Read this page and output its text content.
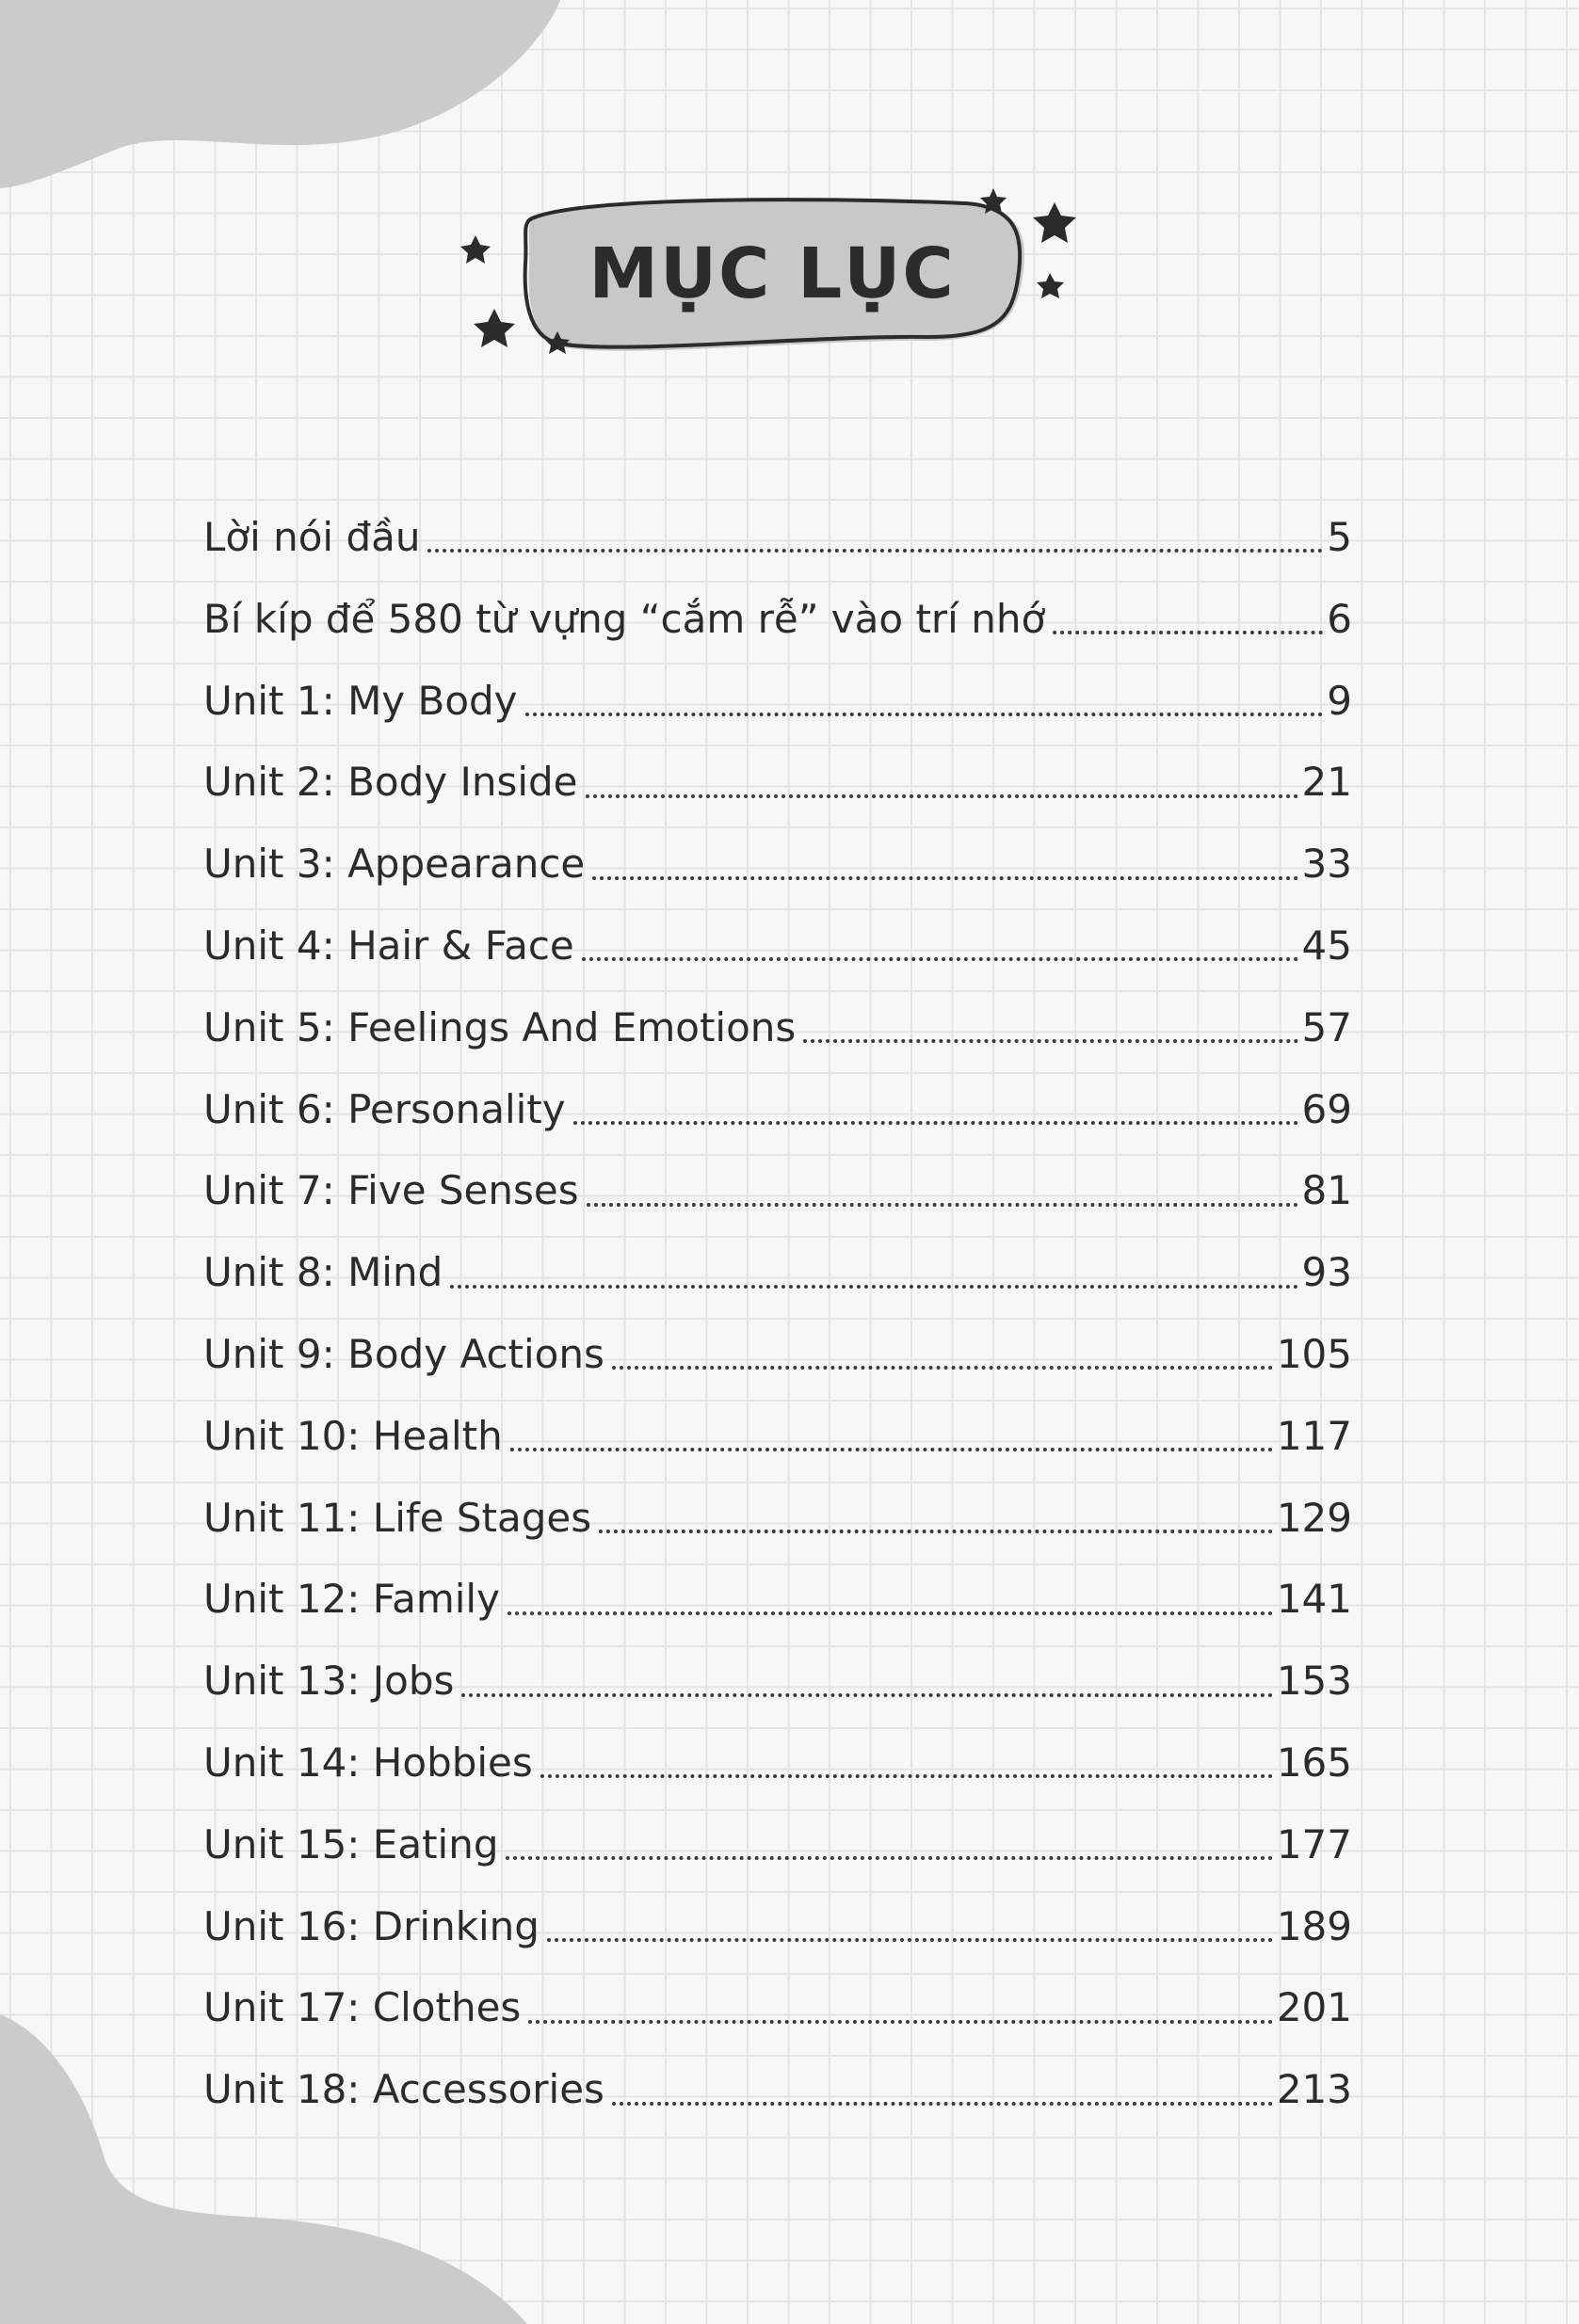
MỤC LỤC
Lời nói đầu	5
Bí kíp để 580 từ vựng “cắm rễ” vào trí nhớ	6
Unit 1: My Body	9
Unit 2: Body Inside	21
Unit 3: Appearance	33
Unit 4: Hair & Face	45
Unit 5: Feelings And Emotions	57
Unit 6: Personality	69
Unit 7: Five Senses	81
Unit 8: Mind	93
Unit 9: Body Actions	105
Unit 10: Health	117
Unit 11: Life Stages	129
Unit 12: Family	141
Unit 13: Jobs	153
Unit 14: Hobbies	165
Unit 15: Eating	177
Unit 16: Drinking	189
Unit 17: Clothes	201
Unit 18: Accessories	213
